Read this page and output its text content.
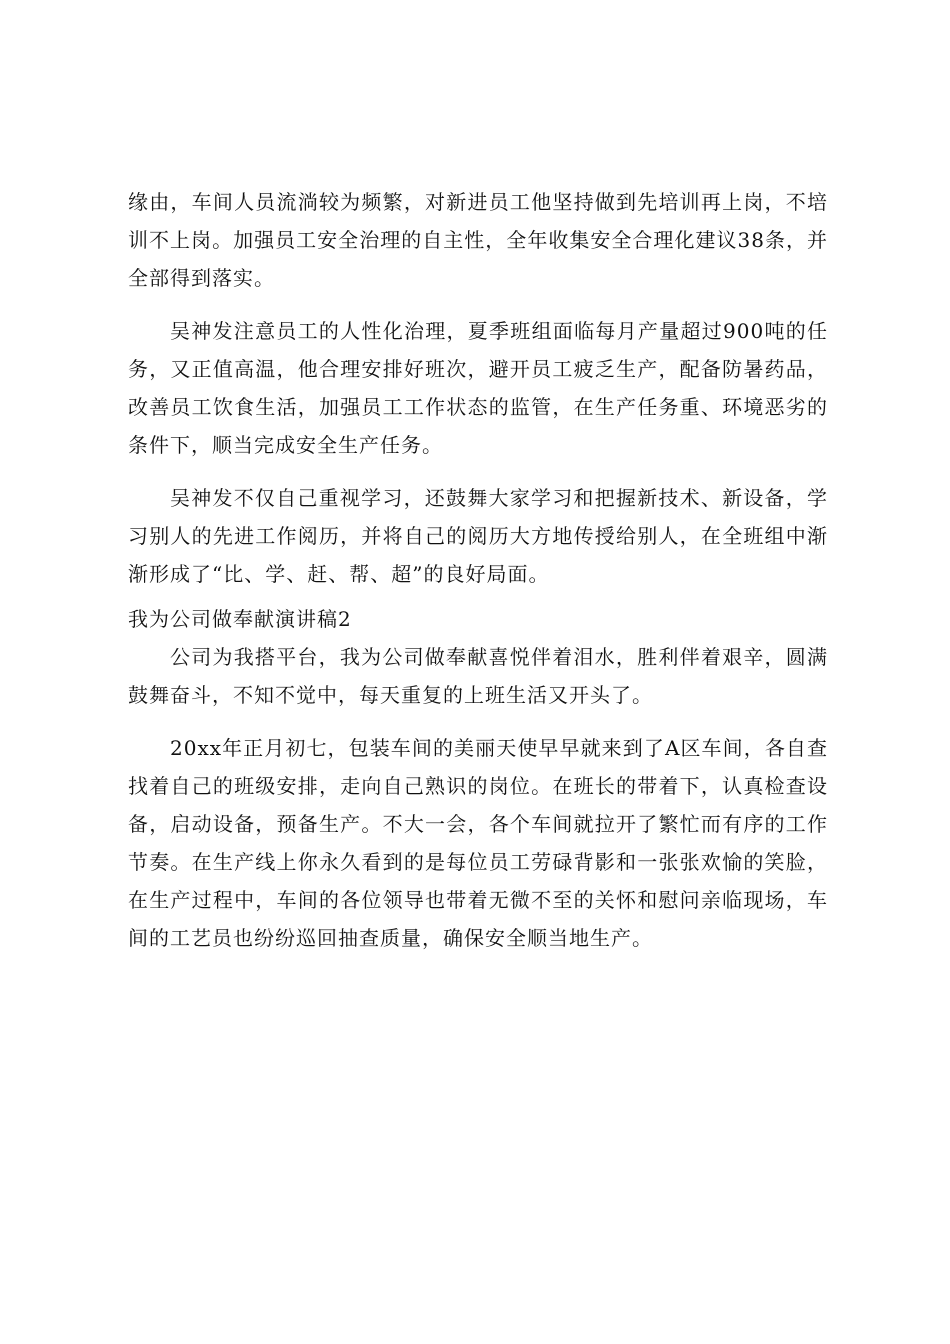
缘由，车间人员流淌较为频繁，对新进员工他坚持做到先培训再上岗，不培训不上岗。加强员工安全治理的自主性，全年收集安全合理化建议38条，并全部得到落实。

吴神发注意员工的人性化治理，夏季班组面临每月产量超过900吨的任务，又正值高温，他合理安排好班次，避开员工疲乏生产，配备防暑药品，改善员工饮食生活，加强员工工作状态的监管，在生产任务重、环境恶劣的条件下，顺当完成安全生产任务。

吴神发不仅自己重视学习，还鼓舞大家学习和把握新技术、新设备，学习别人的先进工作阅历，并将自己的阅历大方地传授给别人，在全班组中渐渐形成了“比、学、赶、帮、超”的良好局面。

我为公司做奉献演讲稿2

公司为我搭平台，我为公司做奉献喜悦伴着泪水，胜利伴着艰辛，圆满鼓舞奋斗，不知不觉中，每天重复的上班生活又开头了。

20xx年正月初七，包装车间的美丽天使早早就来到了A区车间，各自查找着自己的班级安排，走向自己熟识的岗位。在班长的带着下，认真检查设备，启动设备，预备生产。不大一会，各个车间就拉开了繁忙而有序的工作节奏。在生产线上你永久看到的是每位员工劳碌背影和一张张欢愉的笑脸，在生产过程中，车间的各位领导也带着无微不至的关怀和慰问亲临现场，车间的工艺员也纷纷巡回抽查质量，确保安全顺当地生产。
